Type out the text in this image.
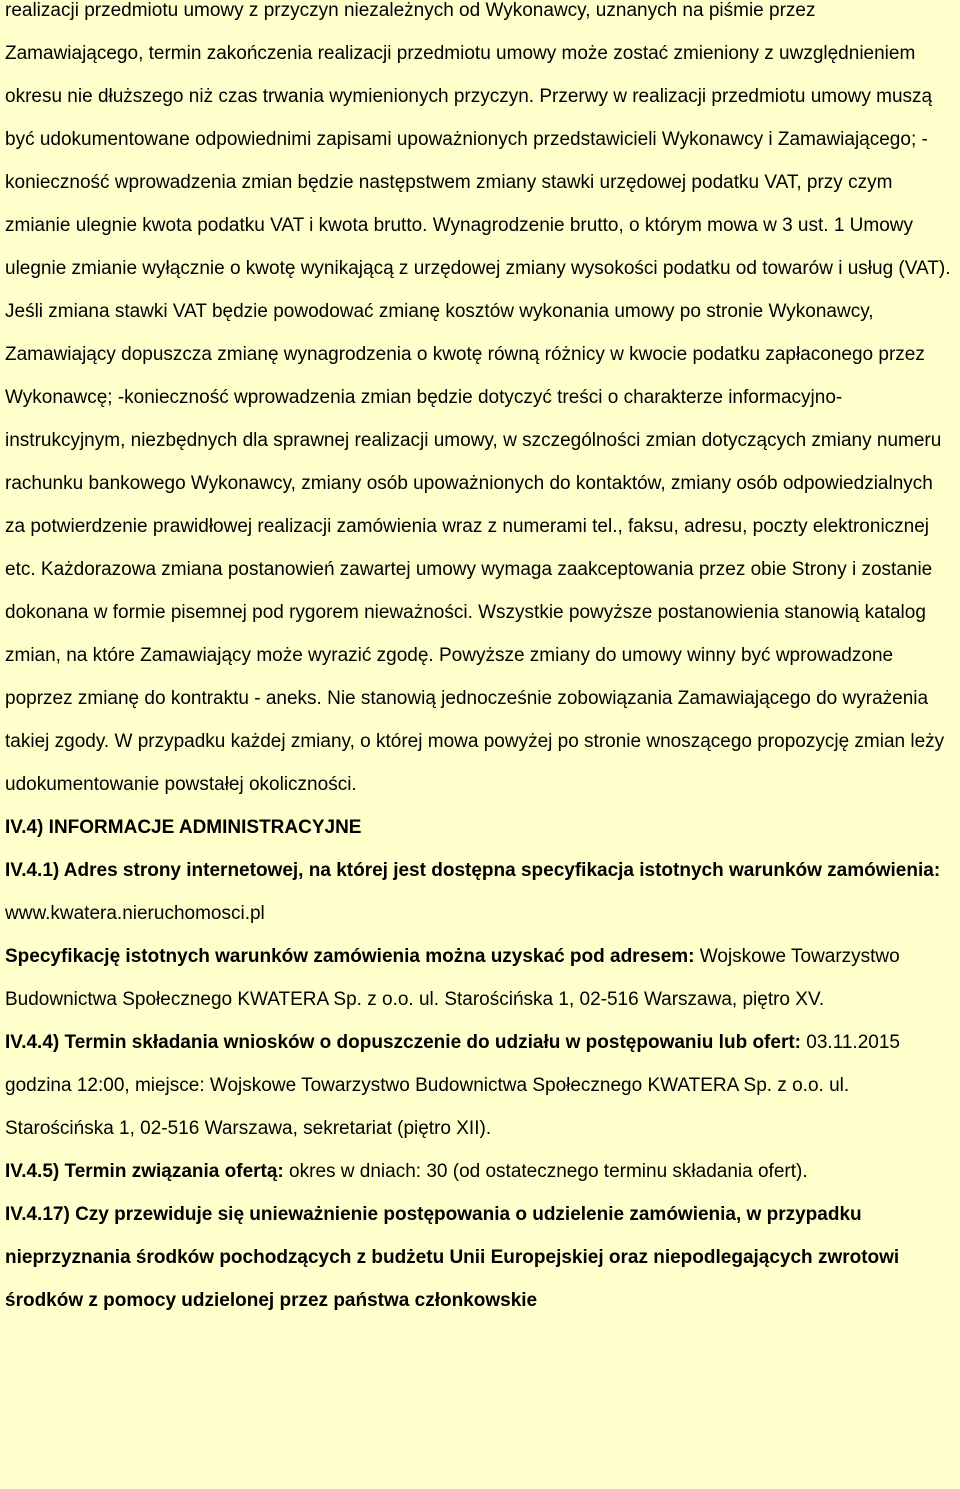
realizacji przedmiotu umowy z przyczyn niezależnych od Wykonawcy, uznanych na piśmie przez Zamawiającego, termin zakończenia realizacji przedmiotu umowy może zostać zmieniony z uwzględnieniem okresu nie dłuższego niż czas trwania wymienionych przyczyn. Przerwy w realizacji przedmiotu umowy muszą być udokumentowane odpowiednimi zapisami upoważnionych przedstawicieli Wykonawcy i Zamawiającego; -konieczność wprowadzenia zmian będzie następstwem zmiany stawki urzędowej podatku VAT, przy czym zmianie ulegnie kwota podatku VAT i kwota brutto. Wynagrodzenie brutto, o którym mowa w 3 ust. 1 Umowy ulegnie zmianie wyłącznie o kwotę wynikającą z urzędowej zmiany wysokości podatku od towarów i usług (VAT). Jeśli zmiana stawki VAT będzie powodować zmianę kosztów wykonania umowy po stronie Wykonawcy, Zamawiający dopuszcza zmianę wynagrodzenia o kwotę równą różnicy w kwocie podatku zapłaconego przez Wykonawcę; -konieczność wprowadzenia zmian będzie dotyczyć treści o charakterze informacyjno-instrukcyjnym, niezbędnych dla sprawnej realizacji umowy, w szczególności zmian dotyczących zmiany numeru rachunku bankowego Wykonawcy, zmiany osób upoważnionych do kontaktów, zmiany osób odpowiedzialnych za potwierdzenie prawidłowej realizacji zamówienia wraz z numerami tel., faksu, adresu, poczty elektronicznej etc. Każdorazowa zmiana postanowień zawartej umowy wymaga zaakceptowania przez obie Strony i zostanie dokonana w formie pisemnej pod rygorem nieważności. Wszystkie powyższe postanowienia stanowią katalog zmian, na które Zamawiający może wyrazić zgodę. Powyższe zmiany do umowy winny być wprowadzone poprzez zmianę do kontraktu - aneks. Nie stanowią jednocześnie zobowiązania Zamawiającego do wyrażenia takiej zgody. W przypadku każdej zmiany, o której mowa powyżej po stronie wnoszącego propozycję zmian leży udokumentowanie powstałej okoliczności.

IV.4) INFORMACJE ADMINISTRACYJNE

IV.4.1) Adres strony internetowej, na której jest dostępna specyfikacja istotnych warunków zamówienia: www.kwatera.nieruchomosci.pl

Specyfikację istotnych warunków zamówienia można uzyskać pod adresem: Wojskowe Towarzystwo Budownictwa Społecznego KWATERA Sp. z o.o. ul. Starościńska 1, 02-516 Warszawa, piętro XV.

IV.4.4) Termin składania wniosków o dopuszczenie do udziału w postępowaniu lub ofert: 03.11.2015 godzina 12:00, miejsce: Wojskowe Towarzystwo Budownictwa Społecznego KWATERA Sp. z o.o. ul. Starościńska 1, 02-516 Warszawa, sekretariat (piętro XII).

IV.4.5) Termin związania ofertą: okres w dniach: 30 (od ostatecznego terminu składania ofert).

IV.4.17) Czy przewiduje się unieważnienie postępowania o udzielenie zamówienia, w przypadku nieprzyznania środków pochodzących z budżetu Unii Europejskiej oraz niepodlegających zwrotowi środków z pomocy udzielonej przez państwa członkowskie
